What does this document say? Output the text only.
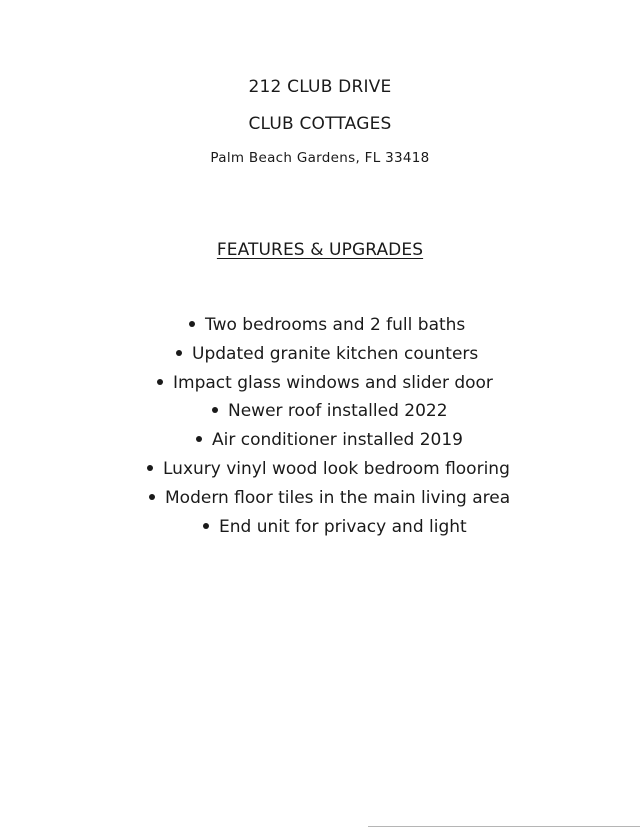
212 CLUB DRIVE
CLUB COTTAGES
Palm Beach Gardens, FL 33418
FEATURES & UPGRADES
Two bedrooms and 2 full baths
Updated granite kitchen counters
Impact glass windows and slider door
Newer roof installed 2022
Air conditioner installed 2019
Luxury vinyl wood look bedroom flooring
Modern floor tiles in the main living area
End unit for privacy and light
